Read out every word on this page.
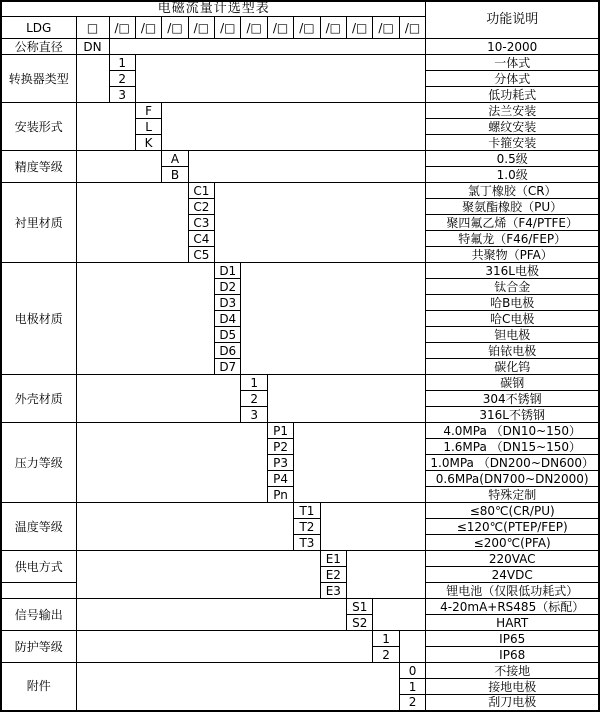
电磁流量计选型表														功能说明
LDG	□	/□	/□	/□	/□	/□	/□	/□	/□	/□	/□	/□	/□	
公称直径	DN													10-2000
转换器类型		1												一体式
		2												分体式
		3												低功耗式
安装形式			F											法兰安装
			L											螺纹安装
			K											卡箍安装
精度等级				A										0.5级
				B										1.0级
衬里材质					C1									氯丁橡胶（CR）
					C2									聚氨酯橡胶（PU）
					C3									聚四氟乙烯（F4/PTFE）
					C4									特氟龙（F46/FEP）
					C5									共聚物（PFA）
电极材质						D1								316L电极
						D2								钛合金
						D3								哈B电极
						D4								哈C电极
						D5								钽电极
						D6								铂铱电极
						D7								碳化钨
外壳材质							1							碳钢
							2							304不锈钢
							3							316L不锈钢
压力等级								P1						4.0MPa （DN10~150）
								P2						1.6MPa （DN15~150）
								P3						1.0MPa （DN200~DN600）
								P4						0.6MPa(DN700~DN2000)
								Pn						特殊定制
温度等级									T1					≤80℃(CR/PU)
									T2					≤120℃(PTEP/FEP)
									T3					≤200℃(PFA)
供电方式										E1				220VAC
										E2				24VDC
										E3				锂电池（仅限低功耗式）
信号输出											S1			4-20mA+RS485（标配）
											S2			HART
防护等级												1		IP65
												2		IP68
附件													0	不接地
													1	接地电极
													2	刮刀电极
